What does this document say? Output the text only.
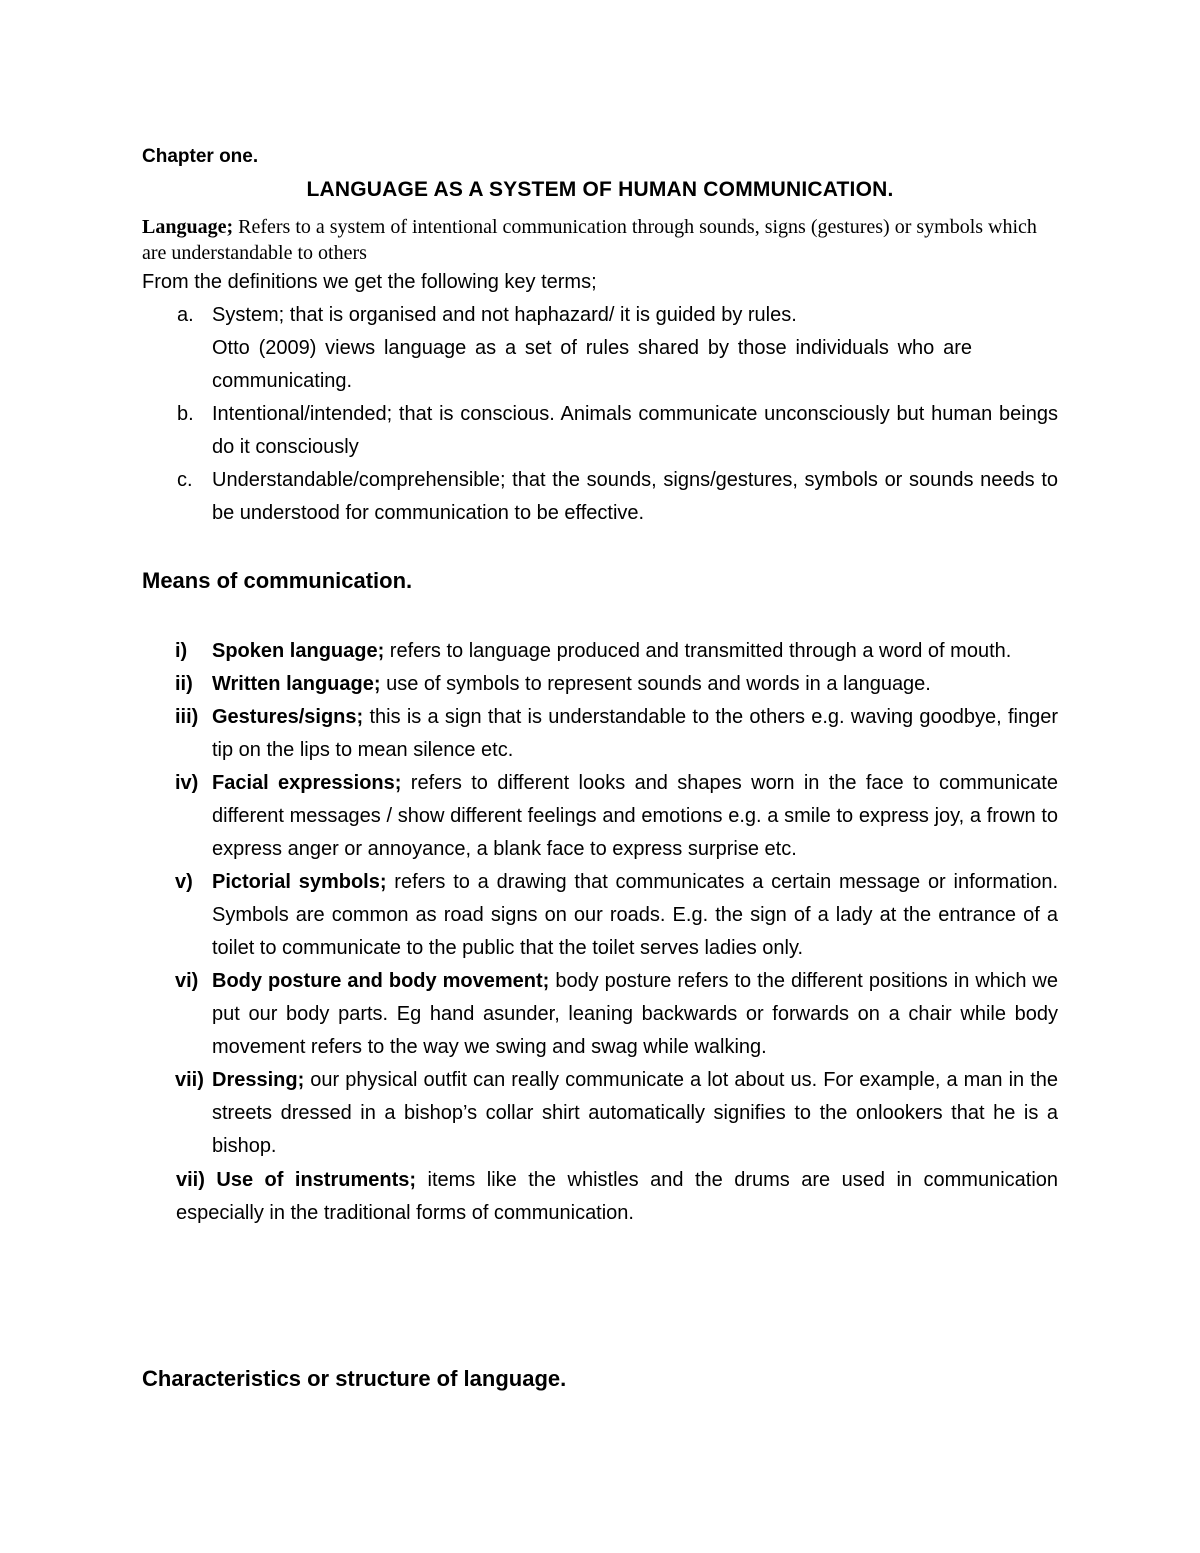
Chapter one.

LANGUAGE AS A SYSTEM OF HUMAN COMMUNICATION.

Language; Refers to a system of intentional communication through sounds, signs (gestures) or symbols which are understandable to others

From the definitions we get the following key terms;

a. System; that is organised and not haphazard/ it is guided by rules.
Otto (2009) views language as a set of rules shared by those individuals who are communicating.
b. Intentional/intended; that is conscious. Animals communicate unconsciously but human beings do it consciously
c. Understandable/comprehensible; that the sounds, signs/gestures, symbols or sounds needs to be understood for communication to be effective.

Means of communication.

i) Spoken language; refers to language produced and transmitted through a word of mouth.
ii) Written language; use of symbols to represent sounds and words in a language.
iii) Gestures/signs; this is a sign that is understandable to the others e.g. waving goodbye, finger tip on the lips to mean silence etc.
iv) Facial expressions; refers to different looks and shapes worn in the face to communicate different messages / show different feelings and emotions e.g. a smile to express joy, a frown to express anger or annoyance, a blank face to express surprise etc.
v) Pictorial symbols; refers to a drawing that communicates a certain message or information. Symbols are common as road signs on our roads. E.g. the sign of a lady at the entrance of a toilet to communicate to the public that the toilet serves ladies only.
vi) Body posture and body movement; body posture refers to the different positions in which we put our body parts. Eg hand asunder, leaning backwards or forwards on a chair while body movement refers to the way we swing and swag while walking.
vii) Dressing; our physical outfit can really communicate a lot about us. For example, a man in the streets dressed in a bishop’s collar shirt automatically signifies to the onlookers that he is a bishop.

vii) Use of instruments; items like the whistles and the drums are used in communication especially in the traditional forms of communication.

Characteristics or structure of language.
